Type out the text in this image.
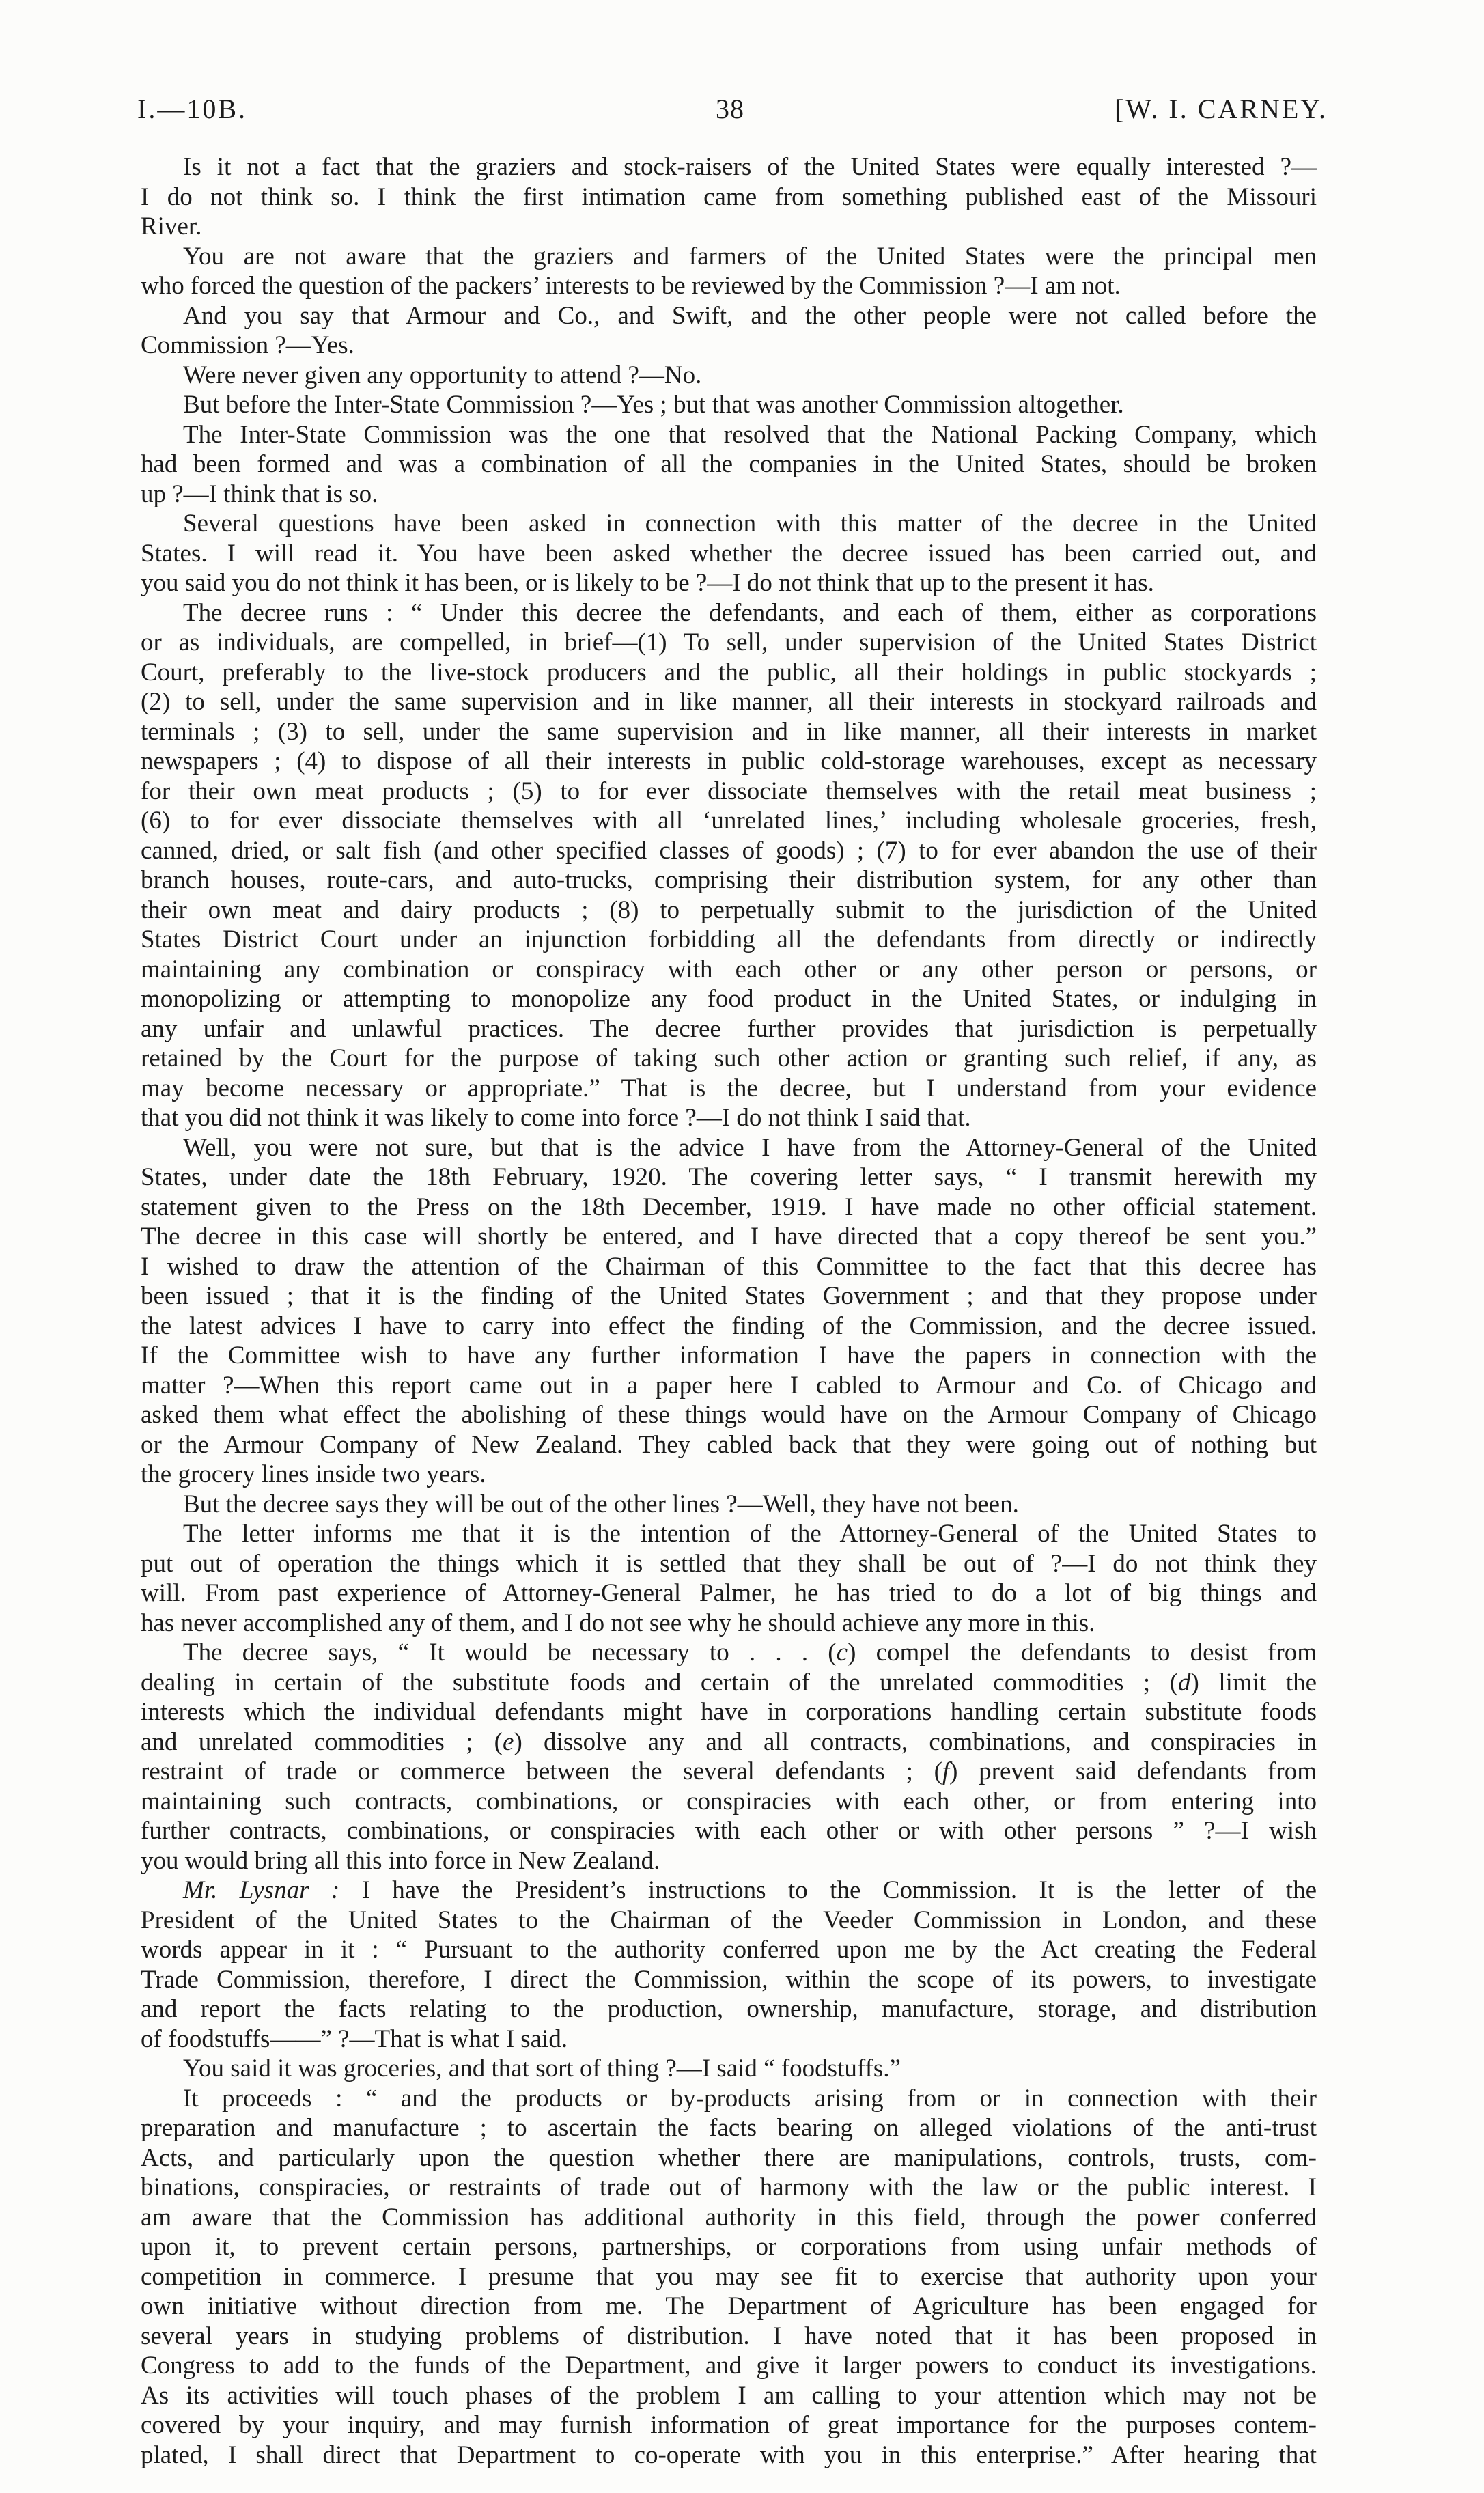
I.—10B.	38	[W. I. CARNEY.
Is it not a fact that the graziers and stock-raisers of the United States were equally interested ?—
I do not think so. I think the first intimation came from something published east of the Missouri
River.
You are not aware that the graziers and farmers of the United States were the principal men
who forced the question of the packers’ interests to be reviewed by the Commission ?—I am not.
And you say that Armour and Co., and Swift, and the other people were not called before the
Commission ?—Yes.
Were never given any opportunity to attend ?—No.
But before the Inter-State Commission ?—Yes ; but that was another Commission altogether.
The Inter-State Commission was the one that resolved that the National Packing Company, which
had been formed and was a combination of all the companies in the United States, should be broken
up ?—I think that is so.
Several questions have been asked in connection with this matter of the decree in the United
States. I will read it. You have been asked whether the decree issued has been carried out, and
you said you do not think it has been, or is likely to be ?—I do not think that up to the present it has.
The decree runs : “ Under this decree the defendants, and each of them, either as corporations
or as individuals, are compelled, in brief—(1) To sell, under supervision of the United States District
Court, preferably to the live-stock producers and the public, all their holdings in public stockyards ;
(2) to sell, under the same supervision and in like manner, all their interests in stockyard railroads and
terminals ; (3) to sell, under the same supervision and in like manner, all their interests in market
newspapers ; (4) to dispose of all their interests in public cold-storage warehouses, except as necessary
for their own meat products ; (5) to for ever dissociate themselves with the retail meat business ;
(6) to for ever dissociate themselves with all ‘unrelated lines,’ including wholesale groceries, fresh,
canned, dried, or salt fish (and other specified classes of goods) ; (7) to for ever abandon the use of their
branch houses, route-cars, and auto-trucks, comprising their distribution system, for any other than
their own meat and dairy products ; (8) to perpetually submit to the jurisdiction of the United
States District Court under an injunction forbidding all the defendants from directly or indirectly
maintaining any combination or conspiracy with each other or any other person or persons, or
monopolizing or attempting to monopolize any food product in the United States, or indulging in
any unfair and unlawful practices. The decree further provides that jurisdiction is perpetually
retained by the Court for the purpose of taking such other action or granting such relief, if any, as
may become necessary or appropriate.” That is the decree, but I understand from your evidence
that you did not think it was likely to come into force ?—I do not think I said that.
Well, you were not sure, but that is the advice I have from the Attorney-General of the United
States, under date the 18th February, 1920. The covering letter says, “ I transmit herewith my
statement given to the Press on the 18th December, 1919. I have made no other official statement.
The decree in this case will shortly be entered, and I have directed that a copy thereof be sent you.”
I wished to draw the attention of the Chairman of this Committee to the fact that this decree has
been issued ; that it is the finding of the United States Government ; and that they propose under
the latest advices I have to carry into effect the finding of the Commission, and the decree issued.
If the Committee wish to have any further information I have the papers in connection with the
matter ?—When this report came out in a paper here I cabled to Armour and Co. of Chicago and
asked them what effect the abolishing of these things would have on the Armour Company of Chicago
or the Armour Company of New Zealand. They cabled back that they were going out of nothing but
the grocery lines inside two years.
But the decree says they will be out of the other lines ?—Well, they have not been.
The letter informs me that it is the intention of the Attorney-General of the United States to
put out of operation the things which it is settled that they shall be out of ?—I do not think they
will. From past experience of Attorney-General Palmer, he has tried to do a lot of big things and
has never accomplished any of them, and I do not see why he should achieve any more in this.
The decree says, “ It would be necessary to . . . (c) compel the defendants to desist from
dealing in certain of the substitute foods and certain of the unrelated commodities ; (d) limit the
interests which the individual defendants might have in corporations handling certain substitute foods
and unrelated commodities ; (e) dissolve any and all contracts, combinations, and conspiracies in
restraint of trade or commerce between the several defendants ; (f) prevent said defendants from
maintaining such contracts, combinations, or conspiracies with each other, or from entering into
further contracts, combinations, or conspiracies with each other or with other persons ” ?—I wish
you would bring all this into force in New Zealand.
Mr. Lysnar : I have the President’s instructions to the Commission. It is the letter of the
President of the United States to the Chairman of the Veeder Commission in London, and these
words appear in it : “ Pursuant to the authority conferred upon me by the Act creating the Federal
Trade Commission, therefore, I direct the Commission, within the scope of its powers, to investigate
and report the facts relating to the production, ownership, manufacture, storage, and distribution
of foodstuffs——” ?—That is what I said.
You said it was groceries, and that sort of thing ?—I said “ foodstuffs.”
It proceeds : “ and the products or by-products arising from or in connection with their
preparation and manufacture ; to ascertain the facts bearing on alleged violations of the anti-trust
Acts, and particularly upon the question whether there are manipulations, controls, trusts, com-
binations, conspiracies, or restraints of trade out of harmony with the law or the public interest. I
am aware that the Commission has additional authority in this field, through the power conferred
upon it, to prevent certain persons, partnerships, or corporations from using unfair methods of
competition in commerce. I presume that you may see fit to exercise that authority upon your
own initiative without direction from me. The Department of Agriculture has been engaged for
several years in studying problems of distribution. I have noted that it has been proposed in
Congress to add to the funds of the Department, and give it larger powers to conduct its investigations.
As its activities will touch phases of the problem I am calling to your attention which may not be
covered by your inquiry, and may furnish information of great importance for the purposes contem-
plated, I shall direct that Department to co-operate with you in this enterprise.” After hearing that
